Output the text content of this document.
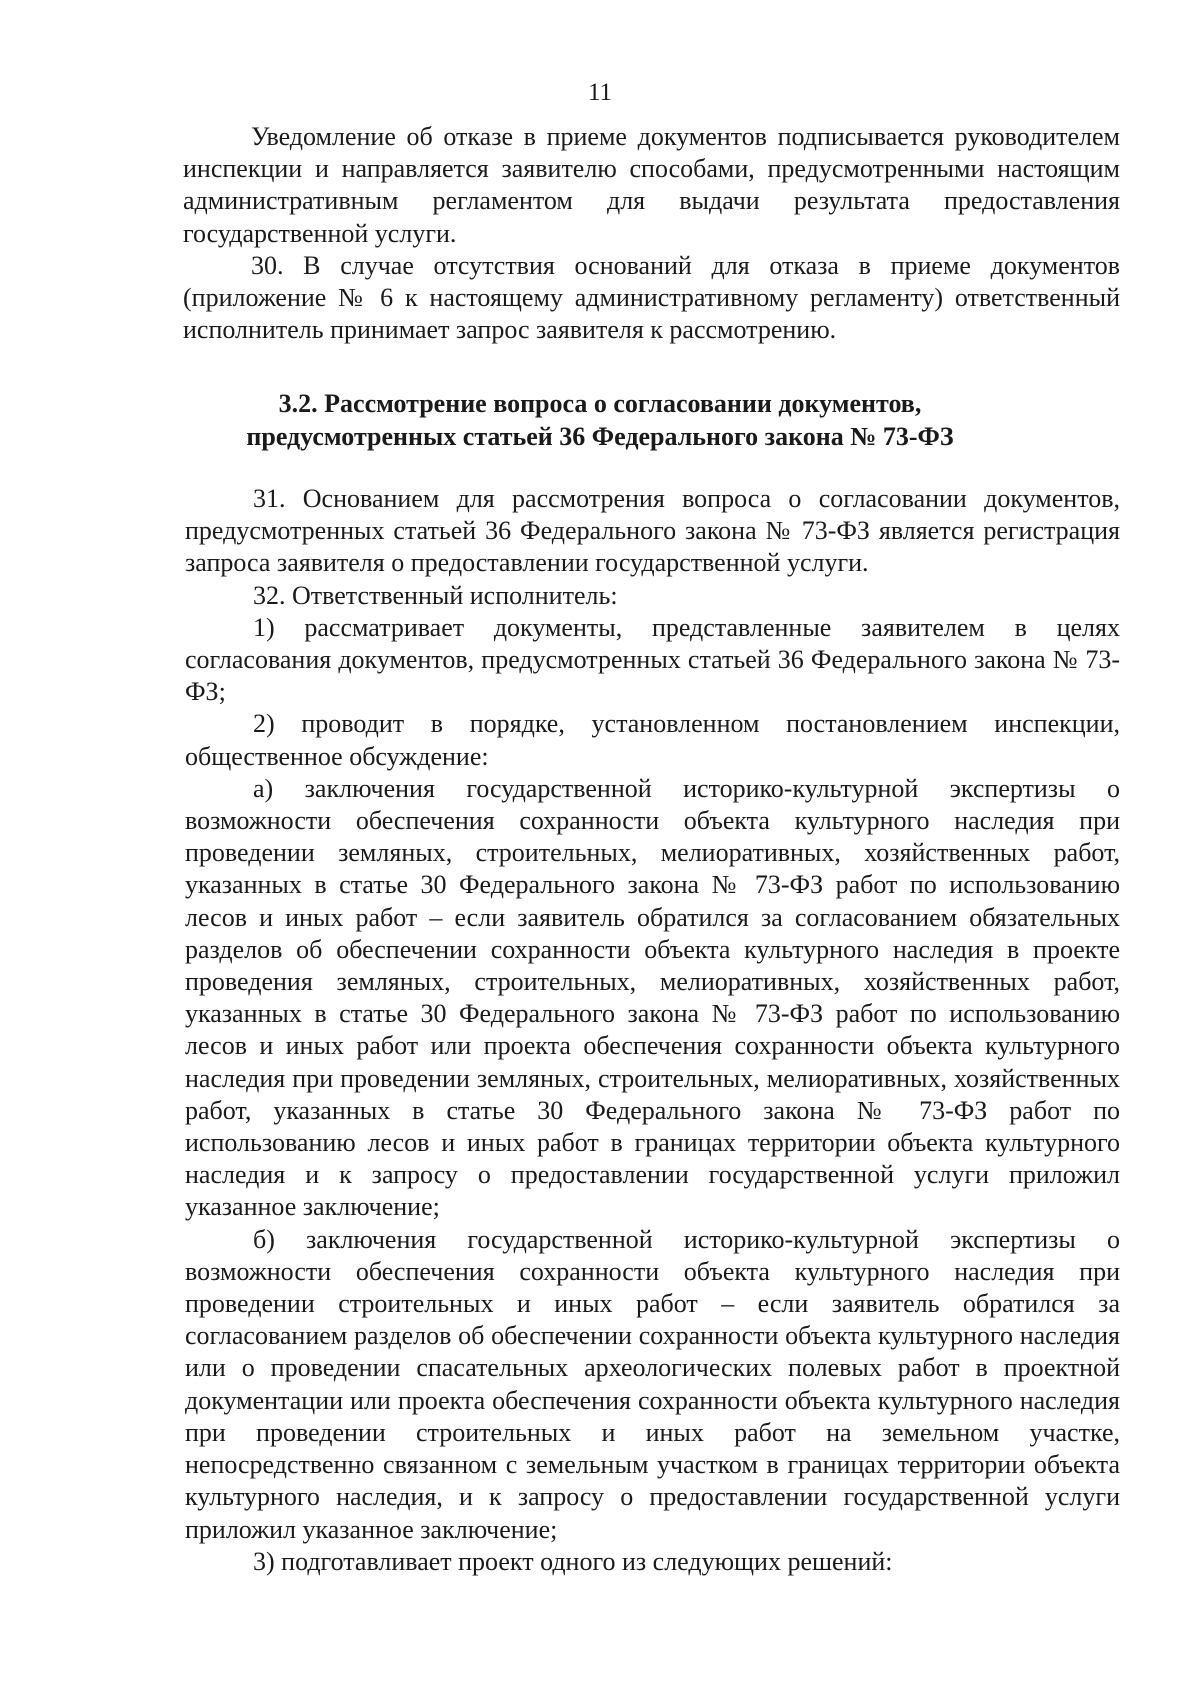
11

Уведомление об отказе в приеме документов подписывается руководителем инспекции и направляется заявителю способами, предусмотренными настоящим административным регламентом для выдачи результата предоставления государственной услуги.

30. В случае отсутствия оснований для отказа в приеме документов (приложение № 6 к настоящему административному регламенту) ответственный исполнитель принимает запрос заявителя к рассмотрению.

3.2. Рассмотрение вопроса о согласовании документов,
предусмотренных статьей 36 Федерального закона № 73-ФЗ

31. Основанием для рассмотрения вопроса о согласовании документов, предусмотренных статьей 36 Федерального закона № 73-ФЗ является регистрация запроса заявителя о предоставлении государственной услуги.

32. Ответственный исполнитель:

1) рассматривает документы, представленные заявителем в целях согласования документов, предусмотренных статьей 36 Федерального закона № 73-ФЗ;

2) проводит в порядке, установленном постановлением инспекции, общественное обсуждение:

а) заключения государственной историко-культурной экспертизы о возможности обеспечения сохранности объекта культурного наследия при проведении земляных, строительных, мелиоративных, хозяйственных работ, указанных в статье 30 Федерального закона № 73-ФЗ работ по использованию лесов и иных работ – если заявитель обратился за согласованием обязательных разделов об обеспечении сохранности объекта культурного наследия в проекте проведения земляных, строительных, мелиоративных, хозяйственных работ, указанных в статье 30 Федерального закона № 73-ФЗ работ по использованию лесов и иных работ или проекта обеспечения сохранности объекта культурного наследия при проведении земляных, строительных, мелиоративных, хозяйственных работ, указанных в статье 30 Федерального закона № 73-ФЗ работ по использованию лесов и иных работ в границах территории объекта культурного наследия и к запросу о предоставлении государственной услуги приложил указанное заключение;

б) заключения государственной историко-культурной экспертизы о возможности обеспечения сохранности объекта культурного наследия при проведении строительных и иных работ – если заявитель обратился за согласованием разделов об обеспечении сохранности объекта культурного наследия или о проведении спасательных археологических полевых работ в проектной документации или проекта обеспечения сохранности объекта культурного наследия при проведении строительных и иных работ на земельном участке, непосредственно связанном с земельным участком в границах территории объекта культурного наследия, и к запросу о предоставлении государственной услуги приложил указанное заключение;

3) подготавливает проект одного из следующих решений:
